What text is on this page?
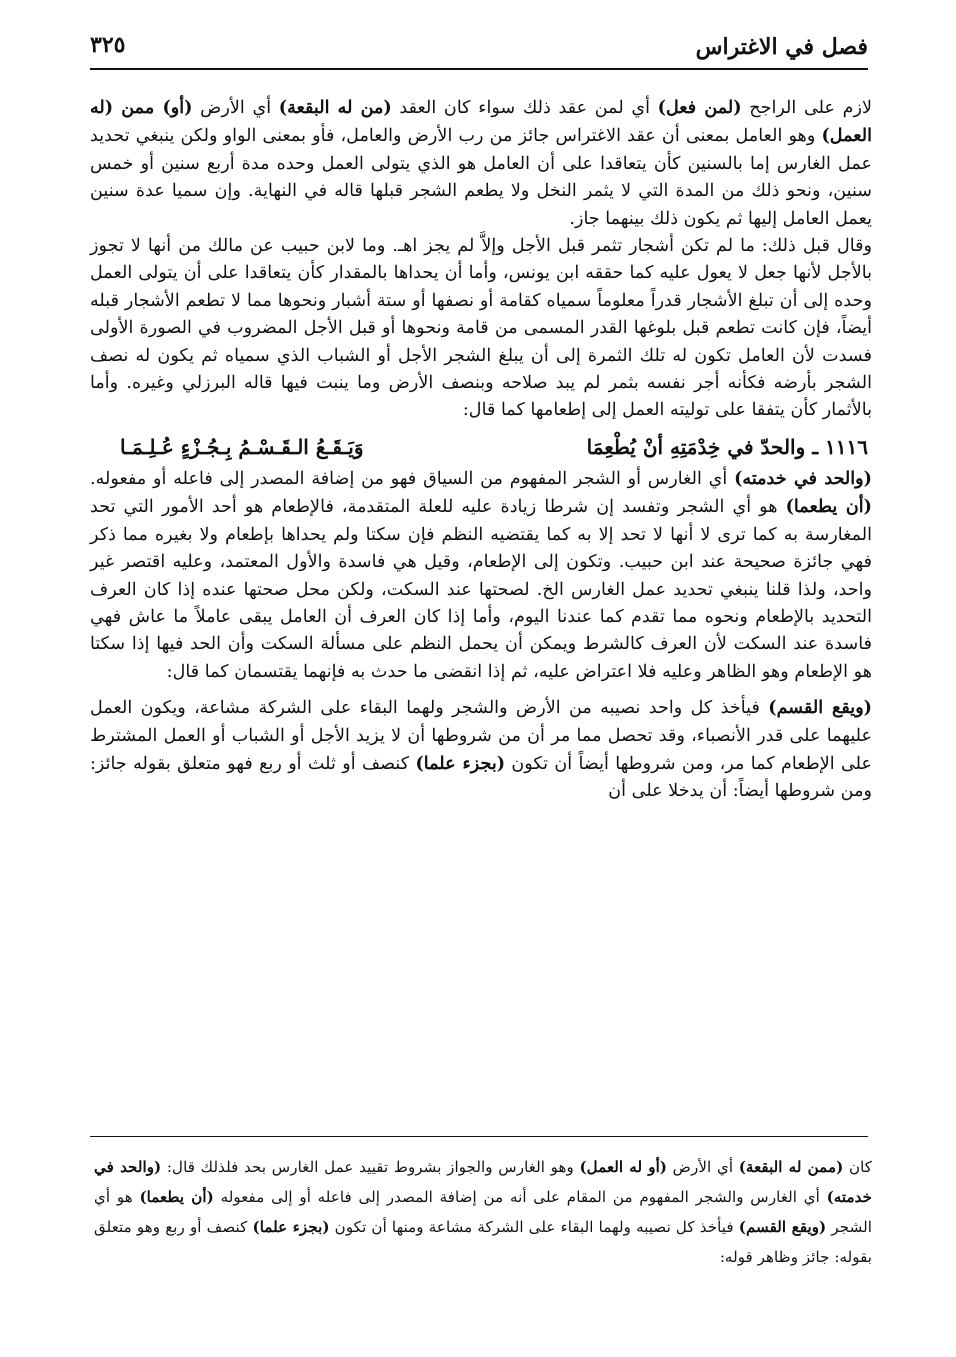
فصل في الاغتراس
٣٢٥

لازم على الراجح (لمن فعل) أي لمن عقد ذلك سواء كان العقد (من له البقعة) أي الأرض (أو) ممن (له العمل) وهو العامل بمعنى أن عقد الاغتراس جائز من رب الأرض والعامل، فأو بمعنى الواو ولكن ينبغي تحديد عمل الغارس إما بالسنين كأن يتعاقدا على أن العامل هو الذي يتولى العمل وحده مدة أربع سنين أو خمس سنين، ونحو ذلك من المدة التي لا يثمر النخل ولا يطعم الشجر قبلها قاله في النهاية. وإن سميا عدة سنين يعمل العامل إليها ثم يكون ذلك بينهما جاز.

وقال قبل ذلك: ما لم تكن أشجار تثمر قبل الأجل وإلاَّ لم يجز اهـ. وما لابن حبيب عن مالك من أنها لا تجوز بالأجل لأنها جعل لا يعول عليه كما حققه ابن يونس، وأما أن يحداها بالمقدار كأن يتعاقدا على أن يتولى العمل وحده إلى أن تبلغ الأشجار قدراً معلوماً سمياه كقامة أو نصفها أو ستة أشبار ونحوها مما لا تطعم الأشجار قبله أيضاً، فإن كانت تطعم قبل بلوغها القدر المسمى من قامة ونحوها أو قبل الأجل المضروب في الصورة الأولى فسدت لأن العامل تكون له تلك الثمرة إلى أن يبلغ الشجر الأجل أو الشباب الذي سمياه ثم يكون له نصف الشجر بأرضه فكأنه أجر نفسه بثمر لم يبد صلاحه وبنصف الأرض وما ينبت فيها قاله البرزلي وغيره. وأما بالأثمار كأن يتفقا على توليته العمل إلى إطعامها كما قال:

١١١٦ ـ والحدّ في خِدْمَتِهِ أنْ يُطْعِمَا
وَيَـقَـعُ الـقَـسْـمُ بِـجُـزْءٍ عُـلِـمَـا

(والحد في خدمته) أي الغارس أو الشجر المفهوم من السياق فهو من إضافة المصدر إلى فاعله أو مفعوله. (أن يطعما) هو أي الشجر وتفسد إن شرطا زيادة عليه للعلة المتقدمة، فالإطعام هو أحد الأمور التي تحد المغارسة به كما ترى لا أنها لا تحد إلا به كما يقتضيه النظم فإن سكتا ولم يحداها بإطعام ولا بغيره مما ذكر فهي جائزة صحيحة عند ابن حبيب. وتكون إلى الإطعام، وقيل هي فاسدة والأول المعتمد، وعليه اقتصر غير واحد، ولذا قلنا ينبغي تحديد عمل الغارس الخ. لصحتها عند السكت، ولكن محل صحتها عنده إذا كان العرف التحديد بالإطعام ونحوه مما تقدم كما عندنا اليوم، وأما إذا كان العرف أن العامل يبقى عاملاً ما عاش فهي فاسدة عند السكت لأن العرف كالشرط ويمكن أن يحمل النظم على مسألة السكت وأن الحد فيها إذا سكتا هو الإطعام وهو الظاهر وعليه فلا اعتراض عليه، ثم إذا انقضى ما حدث به فإنهما يقتسمان كما قال:

(ويقع القسم) فيأخذ كل واحد نصيبه من الأرض والشجر ولهما البقاء على الشركة مشاعة، ويكون العمل عليهما على قدر الأنصباء، وقد تحصل مما مر أن من شروطها أن لا يزيد الأجل أو الشباب أو العمل المشترط على الإطعام كما مر، ومن شروطها أيضاً أن تكون (بجزء علما) كنصف أو ثلث أو ربع فهو متعلق بقوله جائز: ومن شروطها أيضاً: أن يدخلا على أن

كان (ممن له البقعة) أي الأرض (أو له العمل) وهو الغارس والجواز بشروط تقييد عمل الغارس بحد فلذلك قال: (والحد في خدمته) أي الغارس والشجر المفهوم من المقام على أنه من إضافة المصدر إلى فاعله أو إلى مفعوله (أن يطعما) هو أي الشجر (ويقع القسم) فيأخذ كل نصيبه ولهما البقاء على الشركة مشاعة ومنها أن تكون (بجزء علما) كنصف أو ربع وهو متعلق بقوله: جائز وظاهر قوله:
